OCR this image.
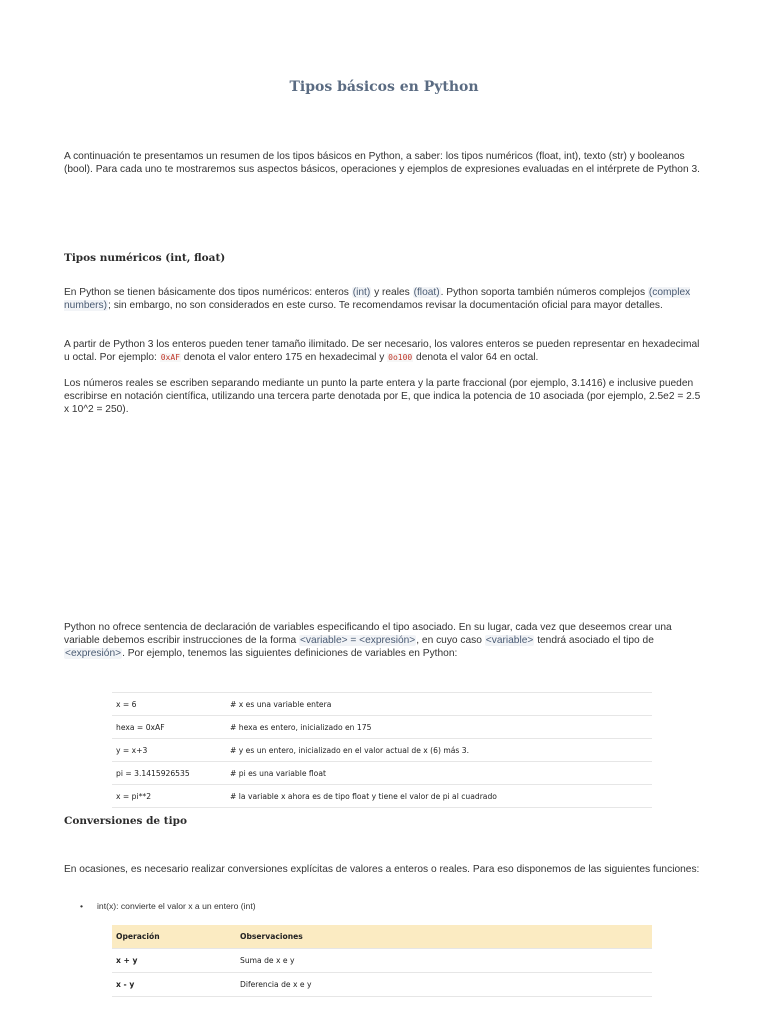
Tipos básicos en Python

A continuación te presentamos un resumen de los tipos básicos en Python, a saber: los tipos numéricos (float, int), texto (str) y booleanos (bool). Para cada uno te mostraremos sus aspectos básicos, operaciones y ejemplos de expresiones evaluadas en el intérprete de Python 3.

Tipos numéricos (int, float)

En Python se tienen básicamente dos tipos numéricos: enteros (int) y reales (float). Python soporta también números complejos (complex numbers); sin embargo, no son considerados en este curso. Te recomendamos revisar la documentación oficial para mayor detalles.

A partir de Python 3 los enteros pueden tener tamaño ilimitado. De ser necesario, los valores enteros se pueden representar en hexadecimal u octal. Por ejemplo: 0xAF denota el valor entero 175 en hexadecimal y 0o100 denota el valor 64 en octal.

Los números reales se escriben separando mediante un punto la parte entera y la parte fraccional (por ejemplo, 3.1416) e inclusive pueden escribirse en notación científica, utilizando una tercera parte denotada por E, que indica la potencia de 10 asociada (por ejemplo, 2.5e2 = 2.5 x 10^2 = 250).

Python no ofrece sentencia de declaración de variables especificando el tipo asociado. En su lugar, cada vez que deseemos crear una variable debemos escribir instrucciones de la forma <variable> = <expresión>, en cuyo caso <variable> tendrá asociado el tipo de <expresión>. Por ejemplo, tenemos las siguientes definiciones de variables en Python:

x = 6	# x es una variable entera
hexa = 0xAF	# hexa es entero, inicializado en 175
y = x+3	# y es un entero, inicializado en el valor actual de x (6) más 3.
pi = 3.1415926535	# pi es una variable float
x = pi**2	# la variable x ahora es de tipo float y tiene el valor de pi al cuadrado
Conversiones de tipo

En ocasiones, es necesario realizar conversiones explícitas de valores a enteros o reales. Para eso disponemos de las siguientes funciones:

• int(x): convierte el valor x a un entero (int)
Operación	Observaciones
x + y	Suma de x e y
x - y	Diferencia de x e y
